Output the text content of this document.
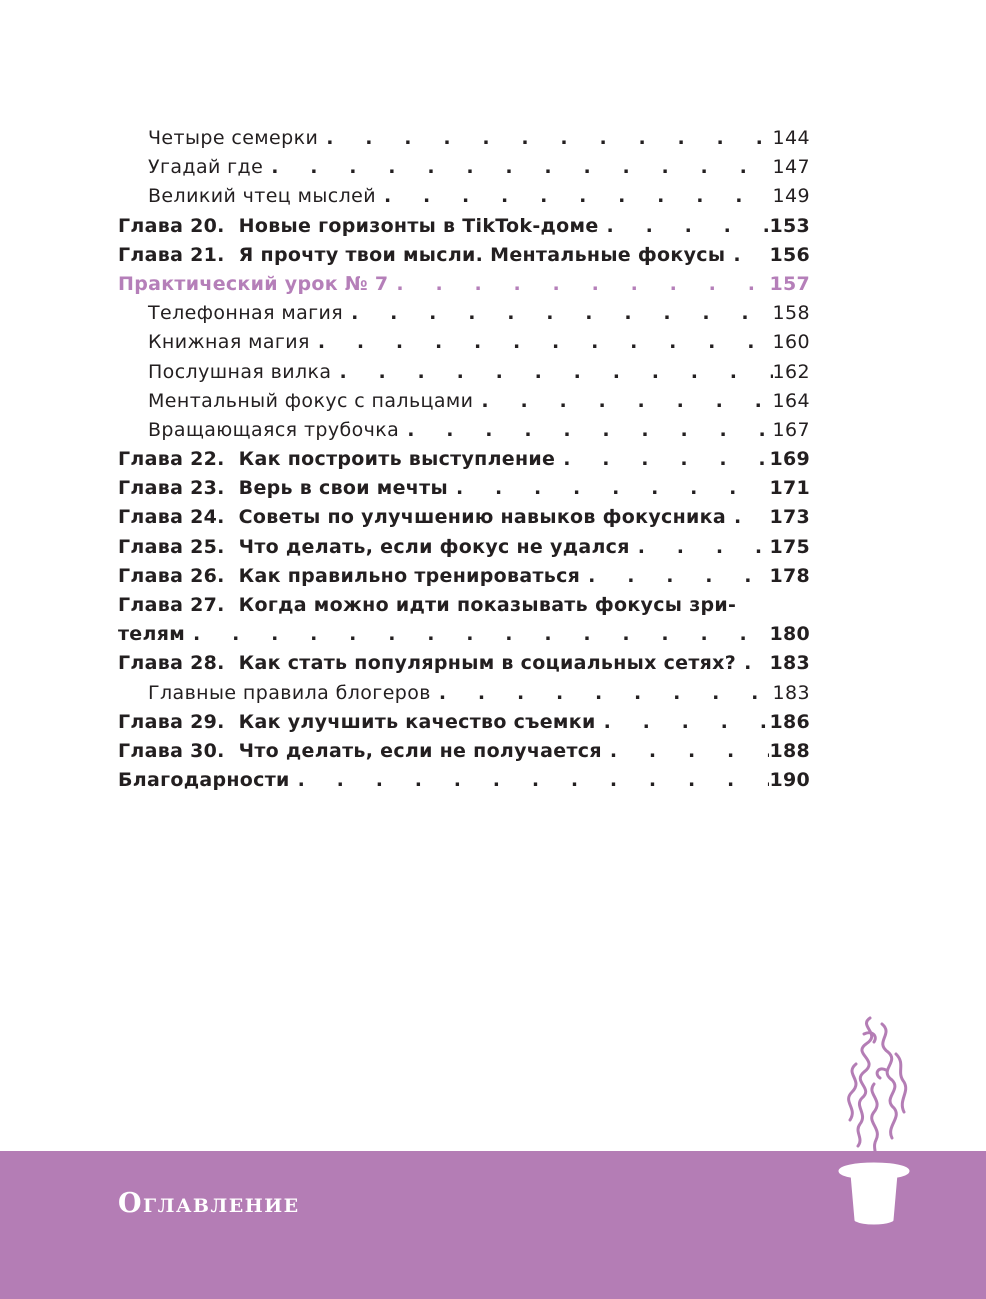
Четыре семерки . . .	144
Угадай где . . .	147
Великий чтец мыслей . . .	149
Глава 20. Новые горизонты в TikTok-доме . . .	153
Глава 21. Я прочту твои мысли. Ментальные фокусы . . . 156
Практический урок № 7 . . .	157
Телефонная магия . . .	158
Книжная магия . . .	160
Послушная вилка . . .	162
Ментальный фокус с пальцами . . .	164
Вращающаяся трубочка . . .	167
Глава 22. Как построить выступление . . .	169
Глава 23. Верь в свои мечты . . .	171
Глава 24. Советы по улучшению навыков фокусника . . . 173
Глава 25. Что делать, если фокус не удался . . .	175
Глава 26. Как правильно тренироваться . . .	178
Глава 27. Когда можно идти показывать фокусы зри-
телям . . .	180
Глава 28. Как стать популярным в социальных сетях? . . . 183
Главные правила блогеров . . .	183
Глава 29. Как улучшить качество съемки . . .	186
Глава 30. Что делать, если не получается . . .	188
Благодарности . . .	190
Оглавление	7
